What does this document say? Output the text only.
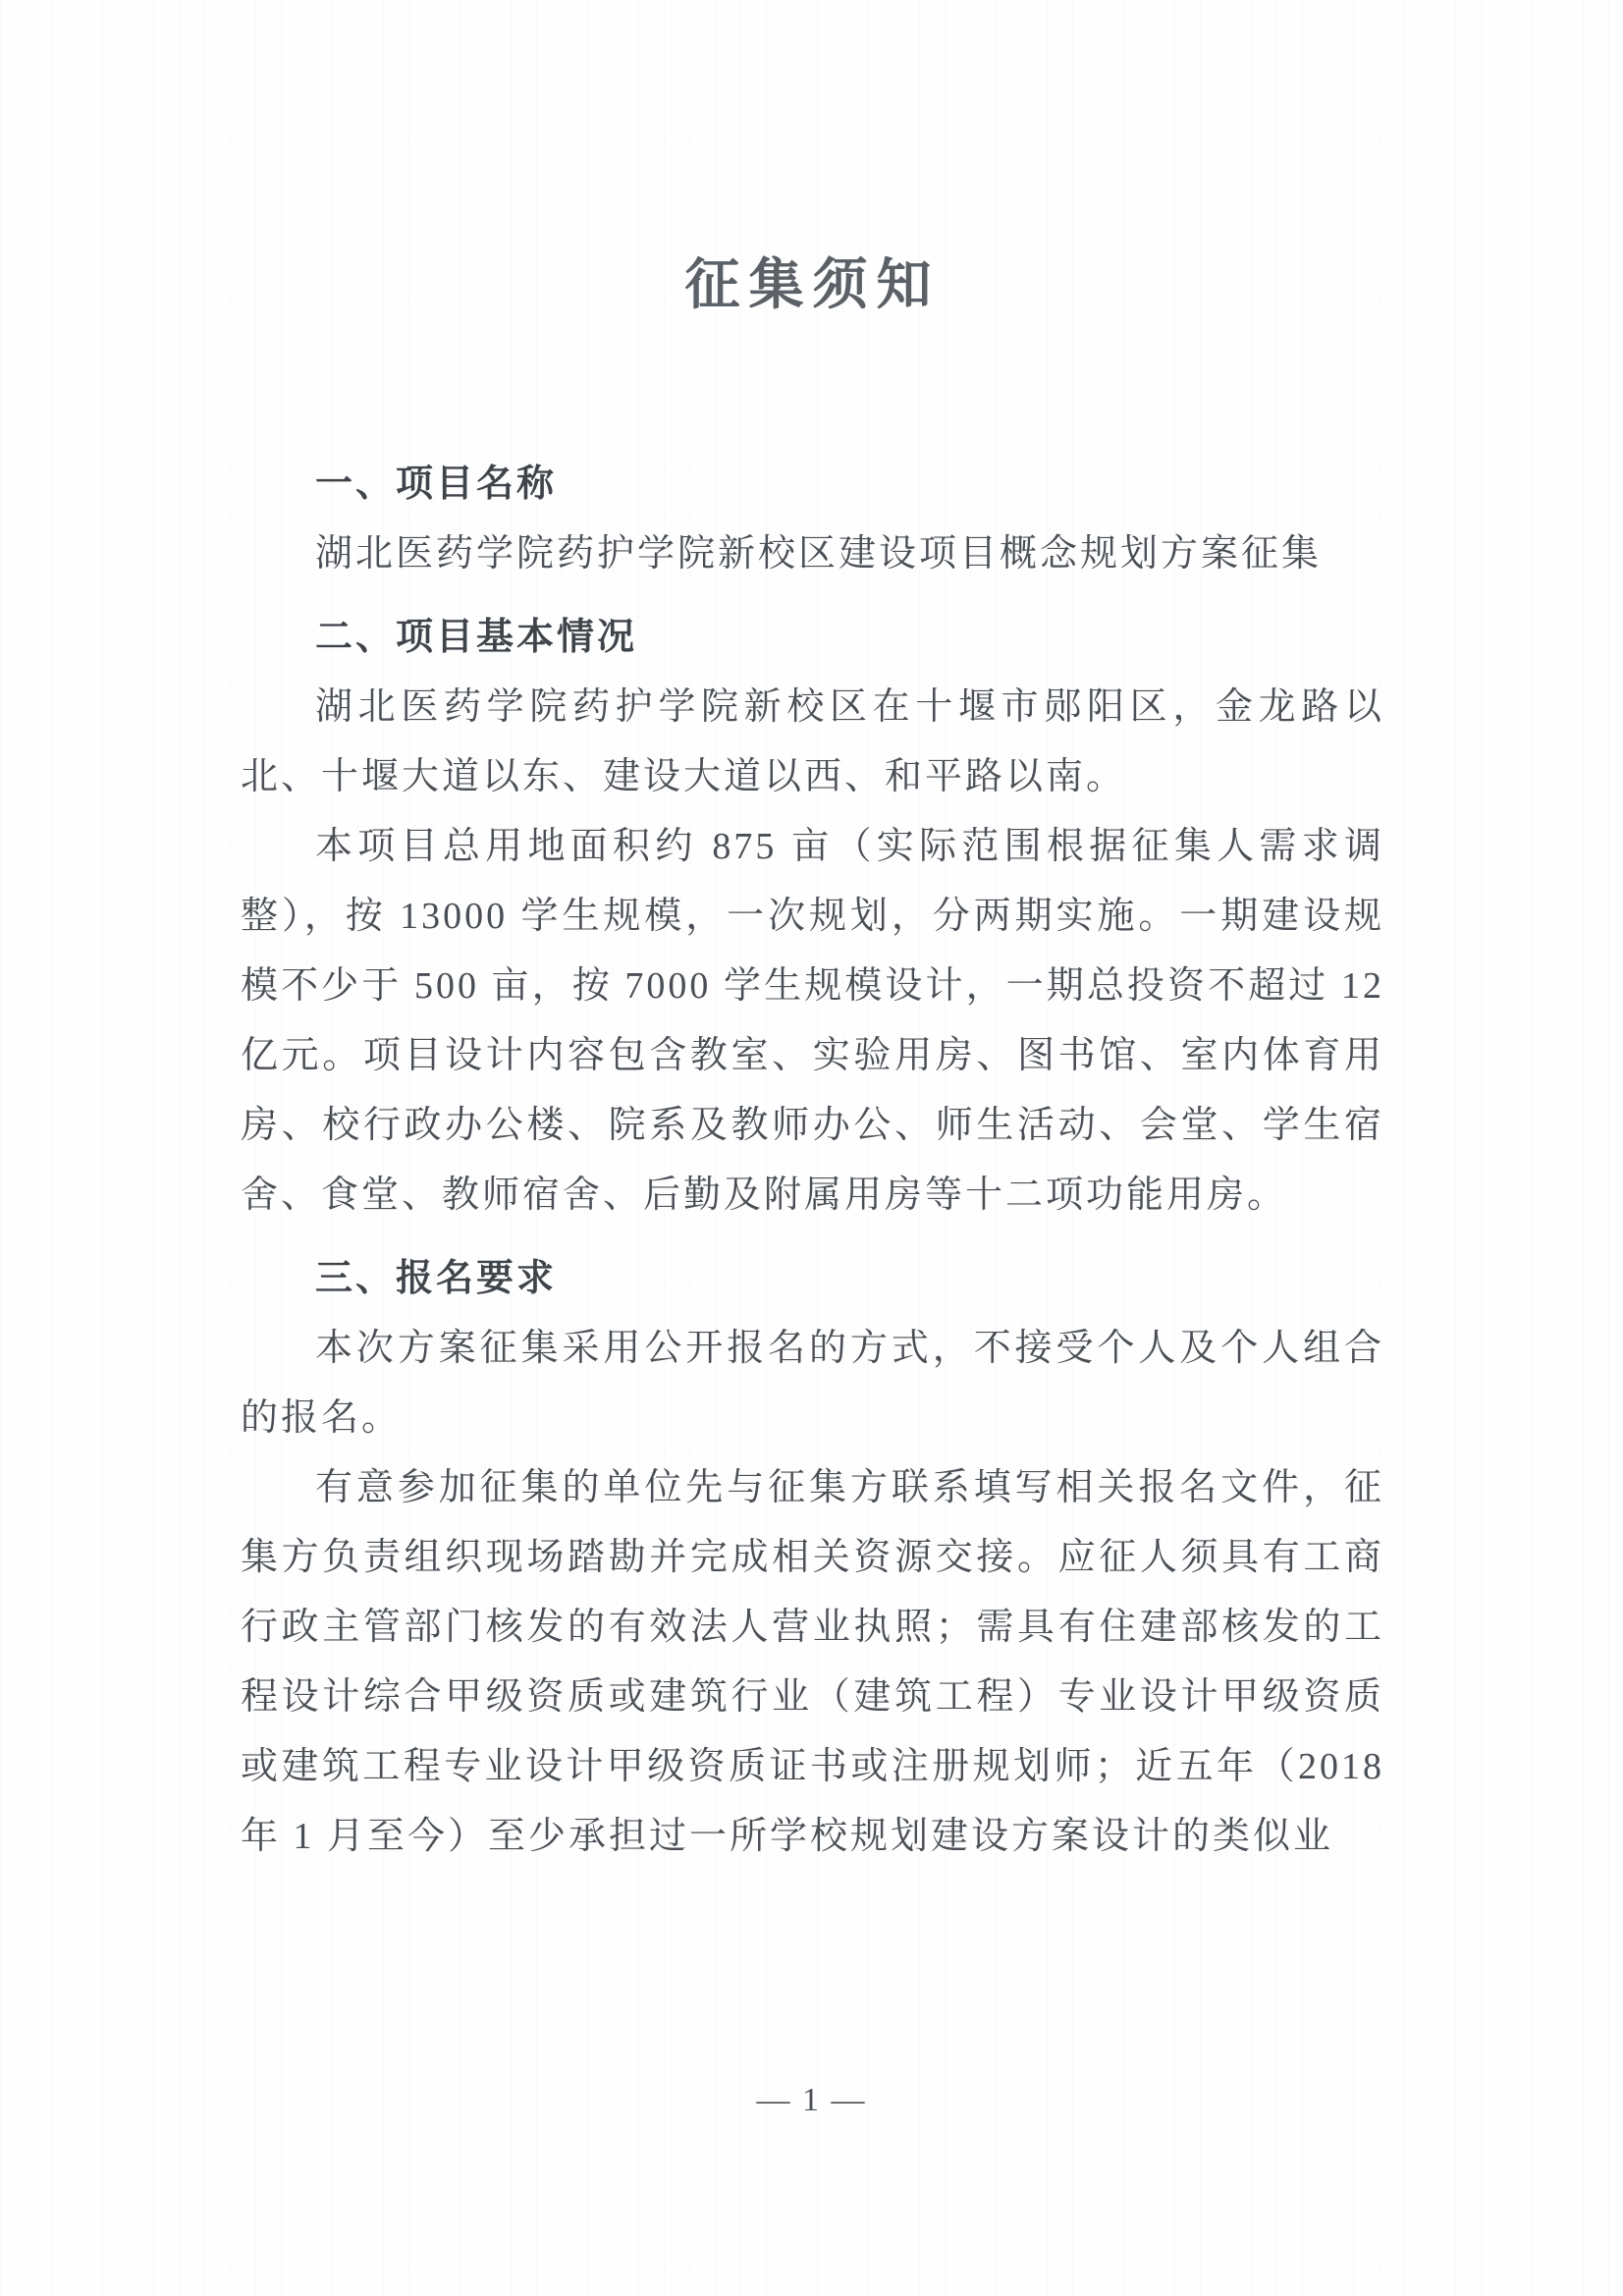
征集须知
一、项目名称

湖北医药学院药护学院新校区建设项目概念规划方案征集

二、项目基本情况

湖北医药学院药护学院新校区在十堰市郧阳区，金龙路以北、十堰大道以东、建设大道以西、和平路以南。

本项目总用地面积约 875 亩（实际范围根据征集人需求调整），按 13000 学生规模，一次规划，分两期实施。一期建设规模不少于 500 亩，按 7000 学生规模设计，一期总投资不超过 12 亿元。项目设计内容包含教室、实验用房、图书馆、室内体育用房、校行政办公楼、院系及教师办公、师生活动、会堂、学生宿舍、食堂、教师宿舍、后勤及附属用房等十二项功能用房。

三、报名要求

本次方案征集采用公开报名的方式，不接受个人及个人组合的报名。

有意参加征集的单位先与征集方联系填写相关报名文件，征集方负责组织现场踏勘并完成相关资源交接。应征人须具有工商行政主管部门核发的有效法人营业执照；需具有住建部核发的工程设计综合甲级资质或建筑行业（建筑工程）专业设计甲级资质或建筑工程专业设计甲级资质证书或注册规划师；近五年（2018 年 1 月至今）至少承担过一所学校规划建设方案设计的类似业

— 1 —
